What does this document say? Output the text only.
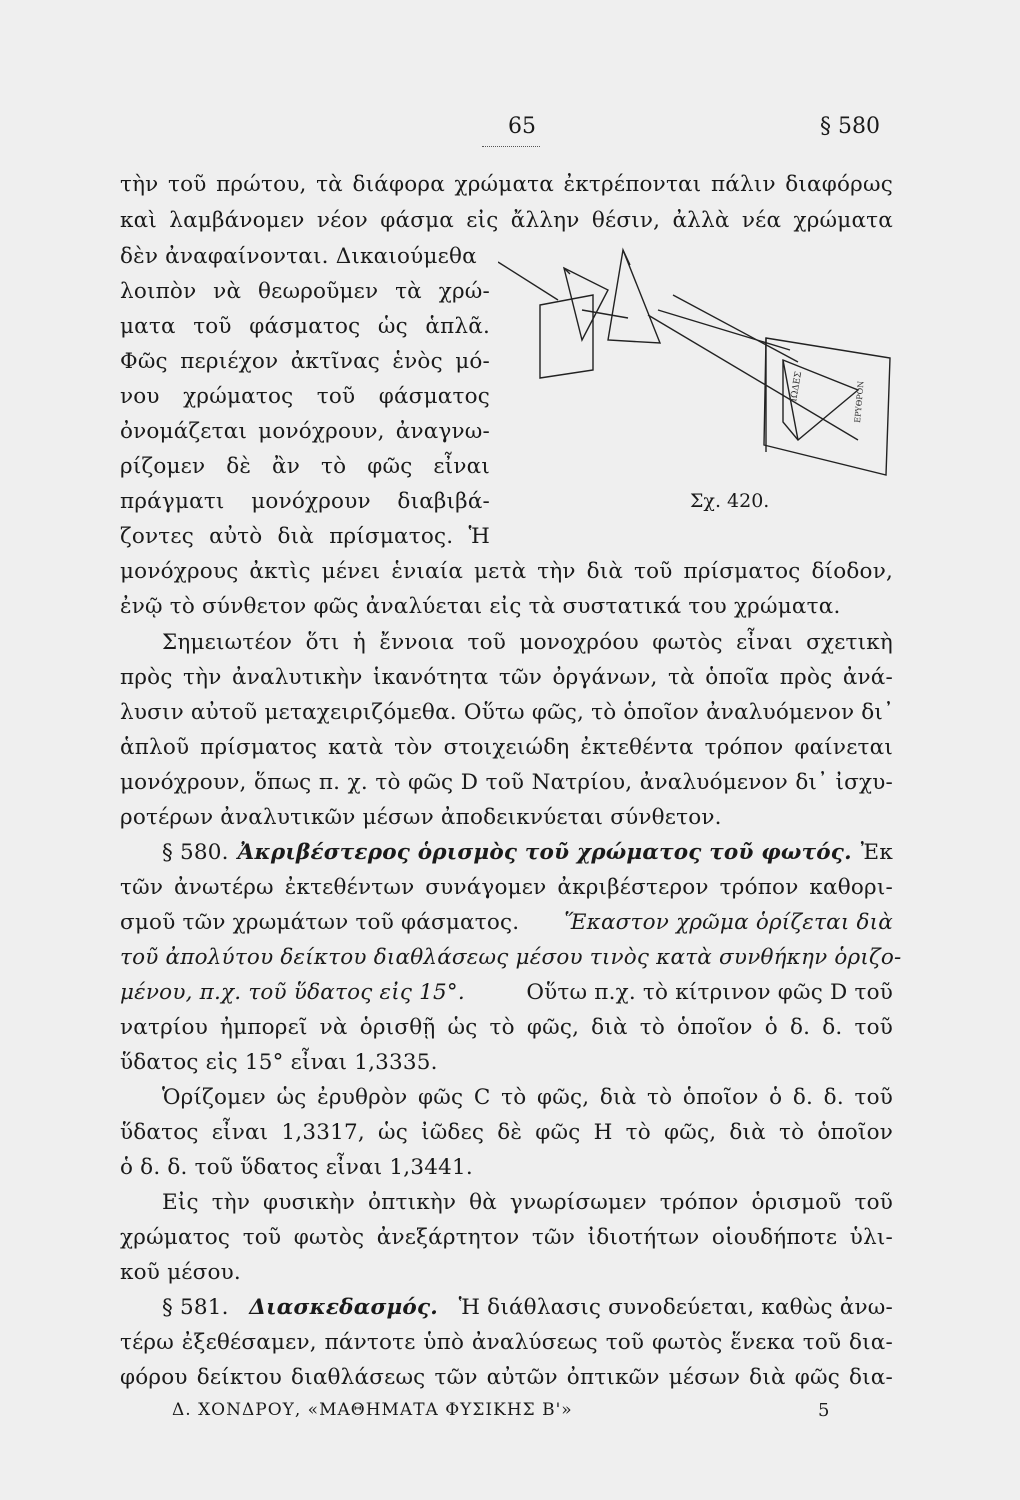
65	§ 580
τὴν τοῦ πρώτου, τὰ διάφορα χρώματα ἐκτρέπονται πάλιν διαφόρως
καὶ λαμβάνομεν νέον φάσμα εἰς ἄλλην θέσιν, ἀλλὰ νέα χρώματα
δὲν ἀναφαίνονται. Δικαιούμεθα
λοιπὸν νὰ θεωροῦμεν τὰ χρώ-
ματα τοῦ φάσματος ὡς ἁπλᾶ.
Φῶς περιέχον ἀκτῖνας ἑνὸς μό-
νου χρώματος τοῦ φάσματος
ὀνομάζεται μονόχρουν, ἀναγνω-
ρίζομεν δὲ ἂν τὸ φῶς εἶναι
πράγματι μονόχρουν διαβιβά-
ζοντες αὐτὸ διὰ πρίσματος. Ἡ
ΙΩΔΕΣ	ΕΡΥΘΡΟΝ
Σχ. 420.
μονόχρους ἀκτὶς μένει ἑνιαία μετὰ τὴν διὰ τοῦ πρίσματος δίοδον,
ἐνῷ τὸ σύνθετον φῶς ἀναλύεται εἰς τὰ συστατικά του χρώματα.
Σημειωτέον ὅτι ἡ ἔννοια τοῦ μονοχρόου φωτὸς εἶναι σχετικὴ
πρὸς τὴν ἀναλυτικὴν ἱκανότητα τῶν ὀργάνων, τὰ ὁποῖα πρὸς ἀνά-
λυσιν αὐτοῦ μεταχειριζόμεθα. Οὕτω φῶς, τὸ ὁποῖον ἀναλυόμενον δι᾽
ἁπλοῦ πρίσματος κατὰ τὸν στοιχειώδη ἐκτεθέντα τρόπον φαίνεται
μονόχρουν, ὅπως π. χ. τὸ φῶς D τοῦ Νατρίου, ἀναλυόμενον δι᾽ ἰσχυ-
ροτέρων ἀναλυτικῶν μέσων ἀποδεικνύεται σύνθετον.
§ 580. Ἀκριβέστερος ὁρισμὸς τοῦ χρώματος τοῦ φωτός. Ἐκ
τῶν ἀνωτέρω ἐκτεθέντων συνάγομεν ἀκριβέστερον τρόπον καθορι-
σμοῦ τῶν χρωμάτων τοῦ φάσματος. Ἕκαστον χρῶμα ὁρίζεται διὰ
τοῦ ἀπολύτου δείκτου διαθλάσεως μέσου τινὸς κατὰ συνθήκην ὁριζο-
μένου, π.χ. τοῦ ὕδατος εἰς 15°.	Οὕτω π.χ. τὸ κίτρινον φῶς D τοῦ
νατρίου ἠμπορεῖ νὰ ὁρισθῇ ὡς τὸ φῶς, διὰ τὸ ὁποῖον ὁ δ. δ. τοῦ
ὕδατος εἰς 15° εἶναι 1,3335.
Ὁρίζομεν ὡς ἐρυθρὸν φῶς C τὸ φῶς, διὰ τὸ ὁποῖον ὁ δ. δ. τοῦ
ὕδατος εἶναι 1,3317, ὡς ἰῶδες δὲ φῶς H τὸ φῶς, διὰ τὸ ὁποῖον
ὁ δ. δ. τοῦ ὕδατος εἶναι 1,3441.
Εἰς τὴν φυσικὴν ὀπτικὴν θὰ γνωρίσωμεν τρόπον ὁρισμοῦ τοῦ
χρώματος τοῦ φωτὸς ἀνεξάρτητον τῶν ἰδιοτήτων οἱουδήποτε ὑλι-
κοῦ μέσου.
§ 581. Διασκεδασμός. Ἡ διάθλασις συνοδεύεται, καθὼς ἀνω-
τέρω ἐξεθέσαμεν, πάντοτε ὑπὸ ἀναλύσεως τοῦ φωτὸς ἕνεκα τοῦ δια-
Δ. ΧΟΝΔΡΟΥ, «ΜΑΘΗΜΑΤΑ ΦΥΣΙΚΗΣ Β'»	5
φόρου δείκτου διαθλάσεως τῶν αὐτῶν ὀπτικῶν μέσων διὰ φῶς δια-
